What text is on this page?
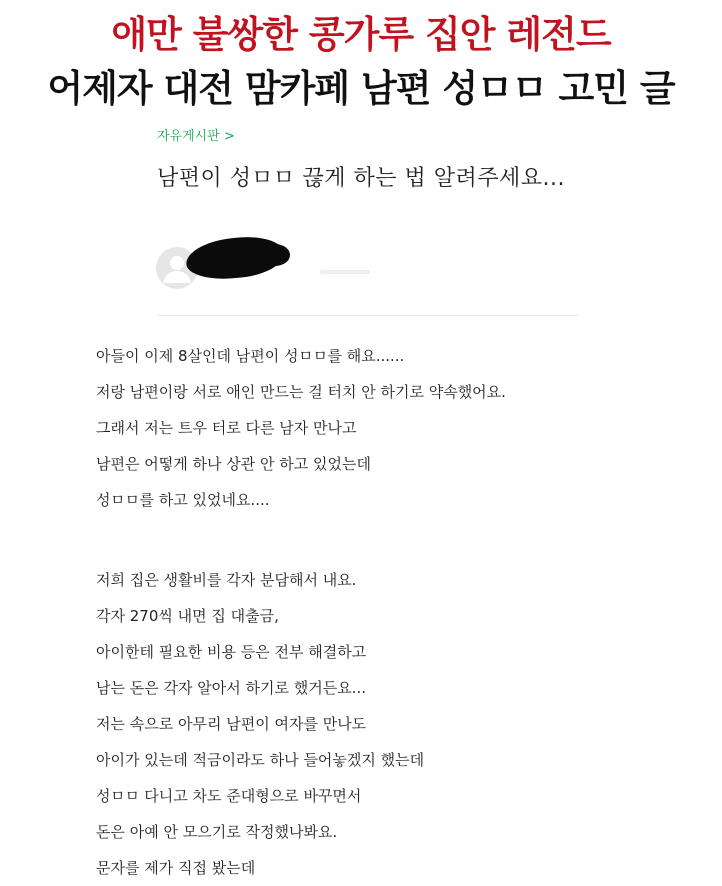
애만 불쌍한 콩가루 집안 레전드
어제자 대전 맘카페 남편 성ㅁㅁ 고민 글
자유게시판 >
남편이 성ㅁㅁ 끊게 하는 법 알려주세요...
아들이 이제 8살인데 남편이 성ㅁㅁ를 해요......
저랑 남편이랑 서로 애인 만드는 걸 터치 안 하기로 약속했어요.
그래서 저는 트우 터로 다른 남자 만나고
남편은 어떻게 하나 상관 안 하고 있었는데
성ㅁㅁ를 하고 있었네요....
저희 집은 생활비를 각자 분담해서 내요.
각자 270씩 내면 집 대출금,
아이한테 필요한 비용 등은 전부 해결하고
남는 돈은 각자 알아서 하기로 했거든요...
저는 속으로 아무리 남편이 여자를 만나도
아이가 있는데 적금이라도 하나 들어놓겠지 했는데
성ㅁㅁ 다니고 차도 준대형으로 바꾸면서
돈은 아예 안 모으기로 작정했나봐요.
문자를 제가 직접 봤는데
